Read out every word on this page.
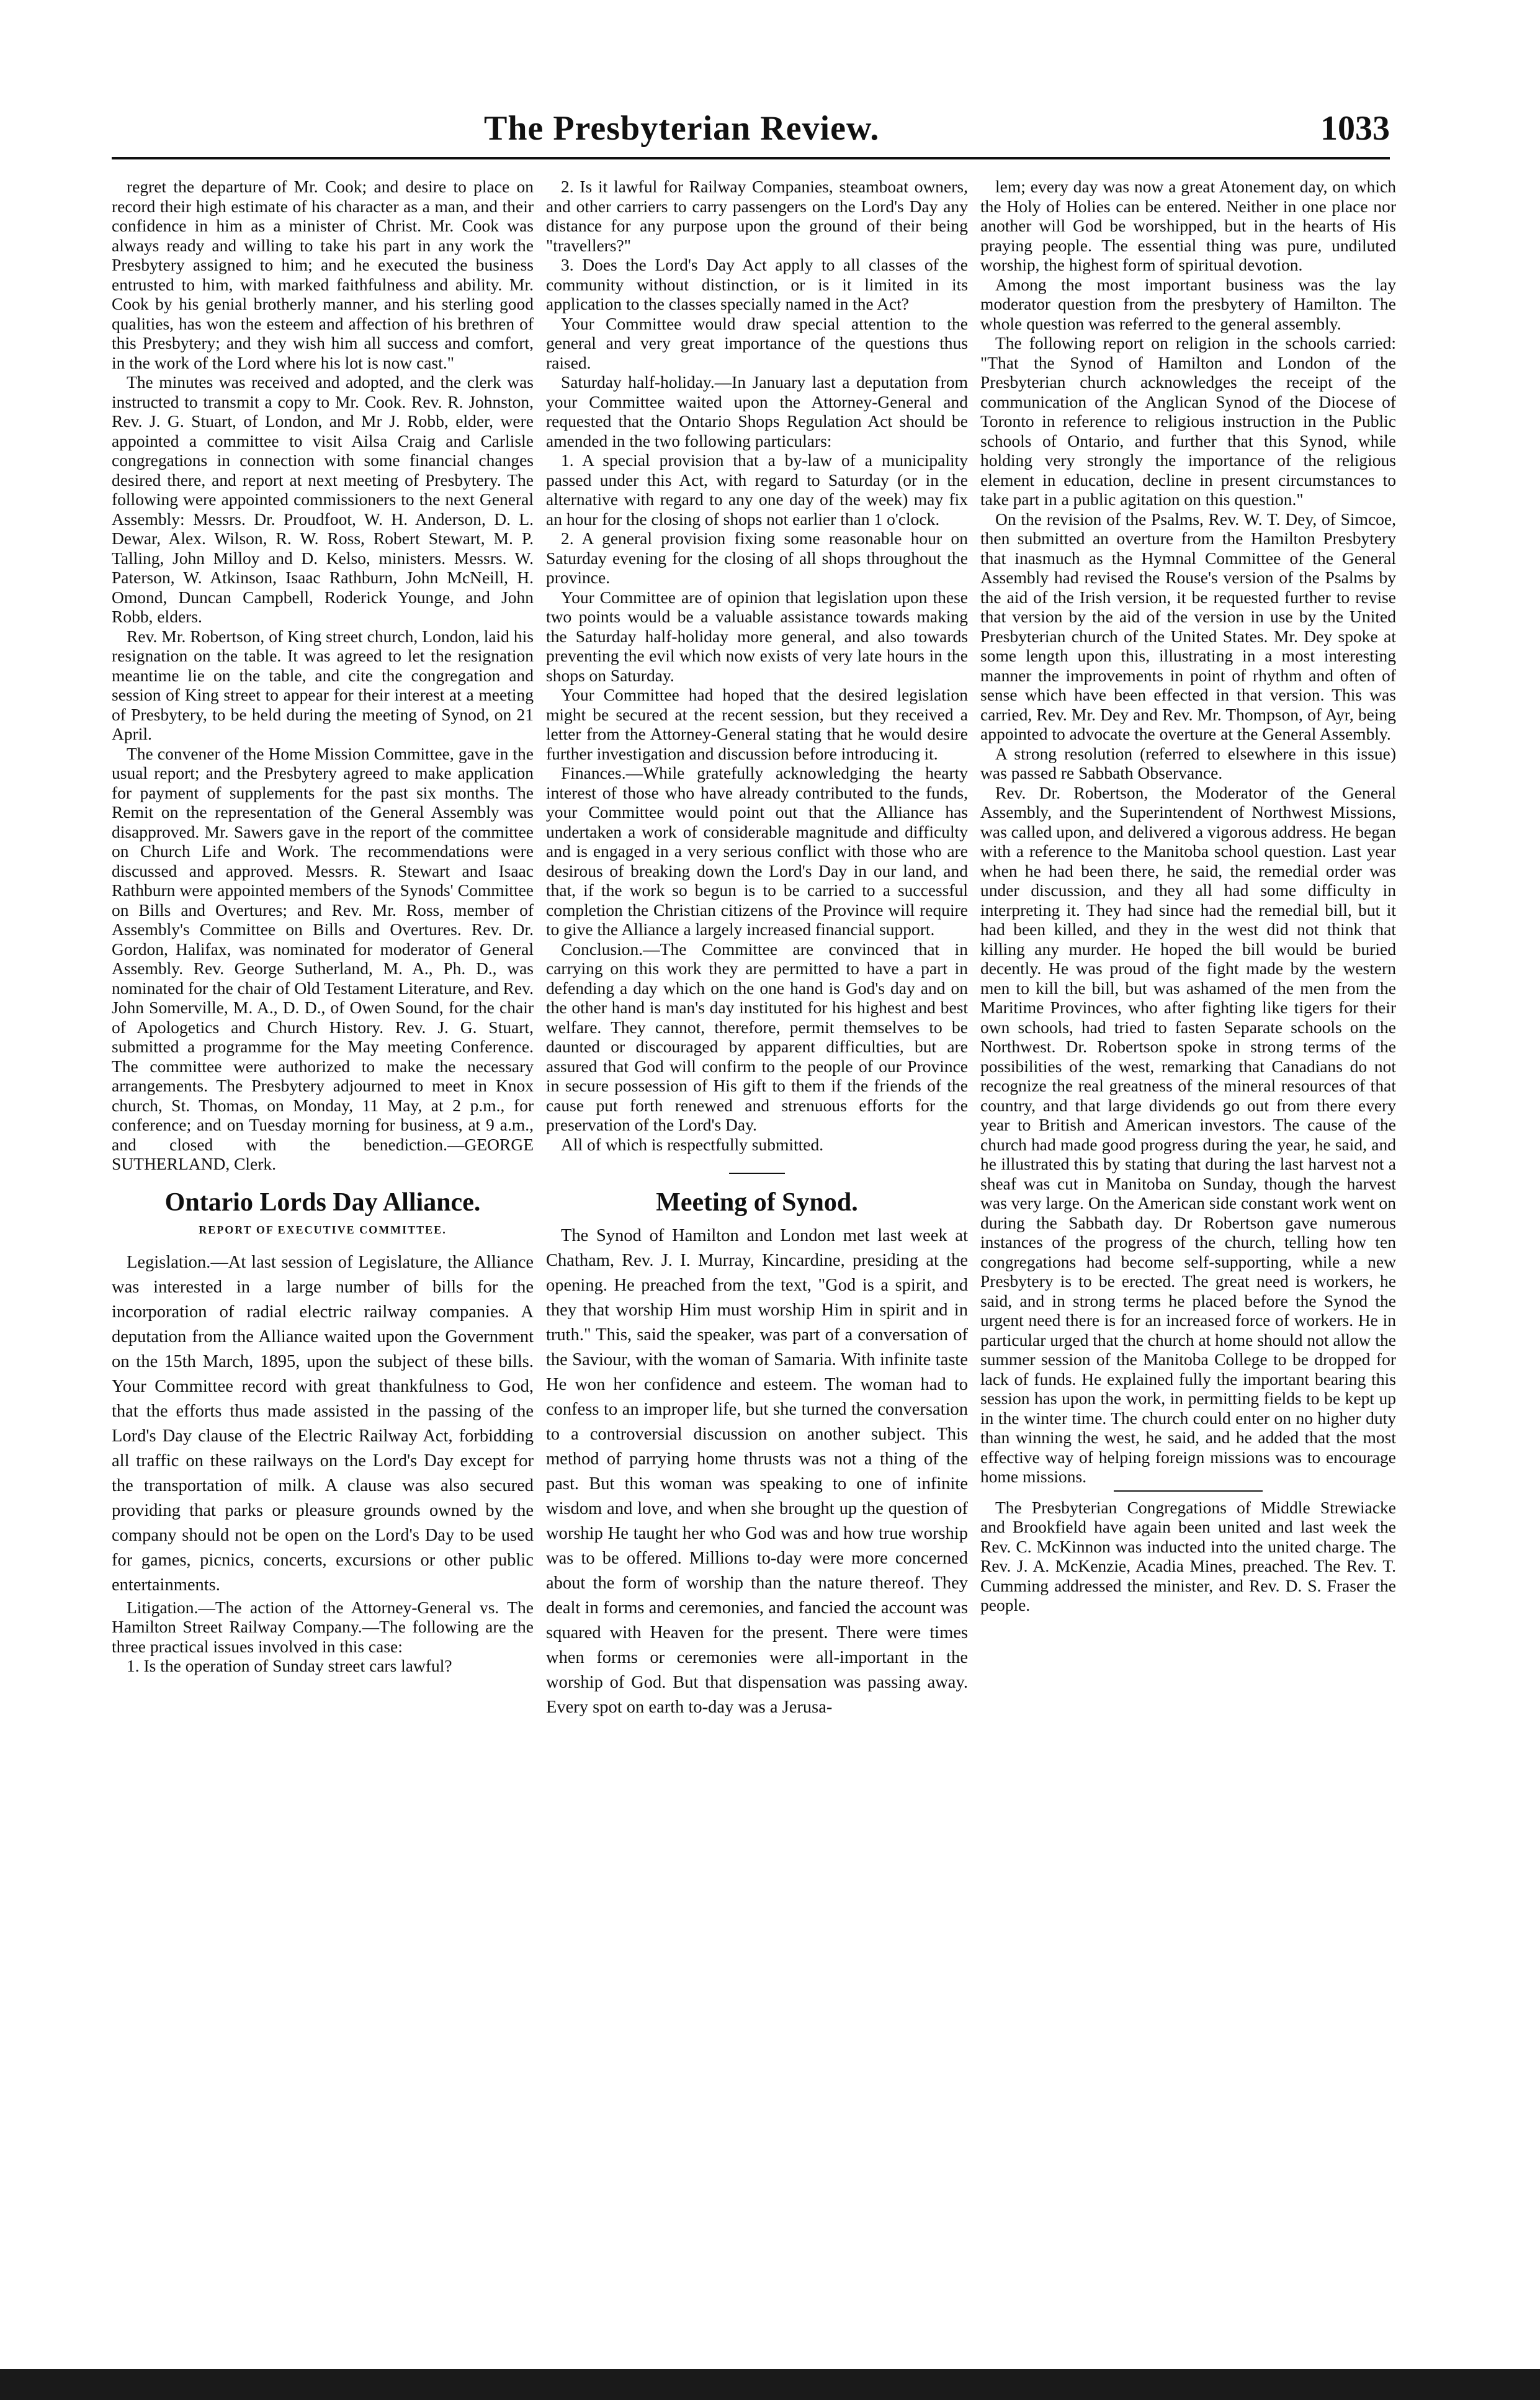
The Presbyterian Review.	1033

regret the departure of Mr. Cook; and desire to place on record their high estimate of his character as a man, and their confidence in him as a minister of Christ. Mr. Cook was always ready and willing to take his part in any work the Presbytery assigned to him; and he executed the business entrusted to him, with marked faithfulness and ability. Mr. Cook by his genial brotherly manner, and his sterling good qualities, has won the esteem and affection of his brethren of this Presbytery; and they wish him all success and comfort, in the work of the Lord where his lot is now cast."

The minutes was received and adopted, and the clerk was instructed to transmit a copy to Mr. Cook. Rev. R. Johnston, Rev. J. G. Stuart, of London, and Mr J. Robb, elder, were appointed a committee to visit Ailsa Craig and Carlisle congregations in connection with some financial changes desired there, and report at next meeting of Presbytery. The following were appointed commissioners to the next General Assembly: Messrs. Dr. Proudfoot, W. H. Anderson, D. L. Dewar, Alex. Wilson, R. W. Ross, Robert Stewart, M. P. Talling, John Milloy and D. Kelso, ministers. Messrs. W. Paterson, W. Atkinson, Isaac Rathburn, John McNeill, H. Omond, Duncan Campbell, Roderick Younge, and John Robb, elders.

Rev. Mr. Robertson, of King street church, London, laid his resignation on the table. It was agreed to let the resignation meantime lie on the table, and cite the congregation and session of King street to appear for their interest at a meeting of Presbytery, to be held during the meeting of Synod, on 21 April.

The convener of the Home Mission Committee, gave in the usual report; and the Presbytery agreed to make application for payment of supplements for the past six months. The Remit on the representation of the General Assembly was disapproved. Mr. Sawers gave in the report of the committee on Church Life and Work. The recommendations were discussed and approved. Messrs. R. Stewart and Isaac Rathburn were appointed members of the Synods' Committee on Bills and Overtures; and Rev. Mr. Ross, member of Assembly's Committee on Bills and Overtures. Rev. Dr. Gordon, Halifax, was nominated for moderator of General Assembly. Rev. George Sutherland, M. A., Ph. D., was nominated for the chair of Old Testament Literature, and Rev. John Somerville, M. A., D. D., of Owen Sound, for the chair of Apologetics and Church History. Rev. J. G. Stuart, submitted a programme for the May meeting Conference. The committee were authorized to make the necessary arrangements. The Presbytery adjourned to meet in Knox church, St. Thomas, on Monday, 11 May, at 2 p.m., for conference; and on Tuesday morning for business, at 9 a.m., and closed with the benediction.—GEORGE SUTHERLAND, Clerk.

Ontario Lords Day Alliance.
REPORT OF EXECUTIVE COMMITTEE.

Legislation.—At last session of Legislature, the Alliance was interested in a large number of bills for the incorporation of radial electric railway companies. A deputation from the Alliance waited upon the Government on the 15th March, 1895, upon the subject of these bills. Your Committee record with great thankfulness to God, that the efforts thus made assisted in the passing of the Lord's Day clause of the Electric Railway Act, forbidding all traffic on these railways on the Lord's Day except for the transportation of milk. A clause was also secured providing that parks or pleasure grounds owned by the company should not be open on the Lord's Day to be used for games, picnics, concerts, excursions or other public entertainments.

Litigation.—The action of the Attorney-General vs. The Hamilton Street Railway Company.—The following are the three practical issues involved in this case:

1. Is the operation of Sunday street cars lawful?

2. Is it lawful for Railway Companies, steamboat owners, and other carriers to carry passengers on the Lord's Day any distance for any purpose upon the ground of their being "travellers?"

3. Does the Lord's Day Act apply to all classes of the community without distinction, or is it limited in its application to the classes specially named in the Act?

Your Committee would draw special attention to the general and very great importance of the questions thus raised.

Saturday half-holiday.—In January last a deputation from your Committee waited upon the Attorney-General and requested that the Ontario Shops Regulation Act should be amended in the two following particulars:

1. A special provision that a by-law of a municipality passed under this Act, with regard to Saturday (or in the alternative with regard to any one day of the week) may fix an hour for the closing of shops not earlier than 1 o'clock.

2. A general provision fixing some reasonable hour on Saturday evening for the closing of all shops throughout the province.

Your Committee are of opinion that legislation upon these two points would be a valuable assistance towards making the Saturday half-holiday more general, and also towards preventing the evil which now exists of very late hours in the shops on Saturday.

Your Committee had hoped that the desired legislation might be secured at the recent session, but they received a letter from the Attorney-General stating that he would desire further investigation and discussion before introducing it.

Finances.—While gratefully acknowledging the hearty interest of those who have already contributed to the funds, your Committee would point out that the Alliance has undertaken a work of considerable magnitude and difficulty and is engaged in a very serious conflict with those who are desirous of breaking down the Lord's Day in our land, and that, if the work so begun is to be carried to a successful completion the Christian citizens of the Province will require to give the Alliance a largely increased financial support.

Conclusion.—The Committee are convinced that in carrying on this work they are permitted to have a part in defending a day which on the one hand is God's day and on the other hand is man's day instituted for his highest and best welfare. They cannot, therefore, permit themselves to be daunted or discouraged by apparent difficulties, but are assured that God will confirm to the people of our Province in secure possession of His gift to them if the friends of the cause put forth renewed and strenuous efforts for the preservation of the Lord's Day.

All of which is respectfully submitted.

Meeting of Synod.

The Synod of Hamilton and London met last week at Chatham, Rev. J. I. Murray, Kincardine, presiding at the opening. He preached from the text, "God is a spirit, and they that worship Him must worship Him in spirit and in truth." This, said the speaker, was part of a conversation of the Saviour, with the woman of Samaria. With infinite taste He won her confidence and esteem. The woman had to confess to an improper life, but she turned the conversation to a controversial discussion on another subject. This method of parrying home thrusts was not a thing of the past. But this woman was speaking to one of infinite wisdom and love, and when she brought up the question of worship He taught her who God was and how true worship was to be offered. Millions to-day were more concerned about the form of worship than the nature thereof. They dealt in forms and ceremonies, and fancied the account was squared with Heaven for the present. There were times when forms or ceremonies were all-important in the worship of God. But that dispensation was passing away. Every spot on earth to-day was a Jerusa-

lem; every day was now a great Atonement day, on which the Holy of Holies can be entered. Neither in one place nor another will God be worshipped, but in the hearts of His praying people. The essential thing was pure, undiluted worship, the highest form of spiritual devotion.

Among the most important business was the lay moderator question from the presbytery of Hamilton. The whole question was referred to the general assembly.

The following report on religion in the schools carried: "That the Synod of Hamilton and London of the Presbyterian church acknowledges the receipt of the communication of the Anglican Synod of the Diocese of Toronto in reference to religious instruction in the Public schools of Ontario, and further that this Synod, while holding very strongly the importance of the religious element in education, decline in present circumstances to take part in a public agitation on this question."

On the revision of the Psalms, Rev. W. T. Dey, of Simcoe, then submitted an overture from the Hamilton Presbytery that inasmuch as the Hymnal Committee of the General Assembly had revised the Rouse's version of the Psalms by the aid of the Irish version, it be requested further to revise that version by the aid of the version in use by the United Presbyterian church of the United States. Mr. Dey spoke at some length upon this, illustrating in a most interesting manner the improvements in point of rhythm and often of sense which have been effected in that version. This was carried, Rev. Mr. Dey and Rev. Mr. Thompson, of Ayr, being appointed to advocate the overture at the General Assembly.

A strong resolution (referred to elsewhere in this issue) was passed re Sabbath Observance.

Rev. Dr. Robertson, the Moderator of the General Assembly, and the Superintendent of Northwest Missions, was called upon, and delivered a vigorous address. He began with a reference to the Manitoba school question. Last year when he had been there, he said, the remedial order was under discussion, and they all had some difficulty in interpreting it. They had since had the remedial bill, but it had been killed, and they in the west did not think that killing any murder. He hoped the bill would be buried decently. He was proud of the fight made by the western men to kill the bill, but was ashamed of the men from the Maritime Provinces, who after fighting like tigers for their own schools, had tried to fasten Separate schools on the Northwest. Dr. Robertson spoke in strong terms of the possibilities of the west, remarking that Canadians do not recognize the real greatness of the mineral resources of that country, and that large dividends go out from there every year to British and American investors. The cause of the church had made good progress during the year, he said, and he illustrated this by stating that during the last harvest not a sheaf was cut in Manitoba on Sunday, though the harvest was very large. On the American side constant work went on during the Sabbath day. Dr Robertson gave numerous instances of the progress of the church, telling how ten congregations had become self-supporting, while a new Presbytery is to be erected. The great need is workers, he said, and in strong terms he placed before the Synod the urgent need there is for an increased force of workers. He in particular urged that the church at home should not allow the summer session of the Manitoba College to be dropped for lack of funds. He explained fully the important bearing this session has upon the work, in permitting fields to be kept up in the winter time. The church could enter on no higher duty than winning the west, he said, and he added that the most effective way of helping foreign missions was to encourage home missions.

The Presbyterian Congregations of Middle Strewiacke and Brookfield have again been united and last week the Rev. C. McKinnon was inducted into the united charge. The Rev. J. A. McKenzie, Acadia Mines, preached. The Rev. T. Cumming addressed the minister, and Rev. D. S. Fraser the people.
